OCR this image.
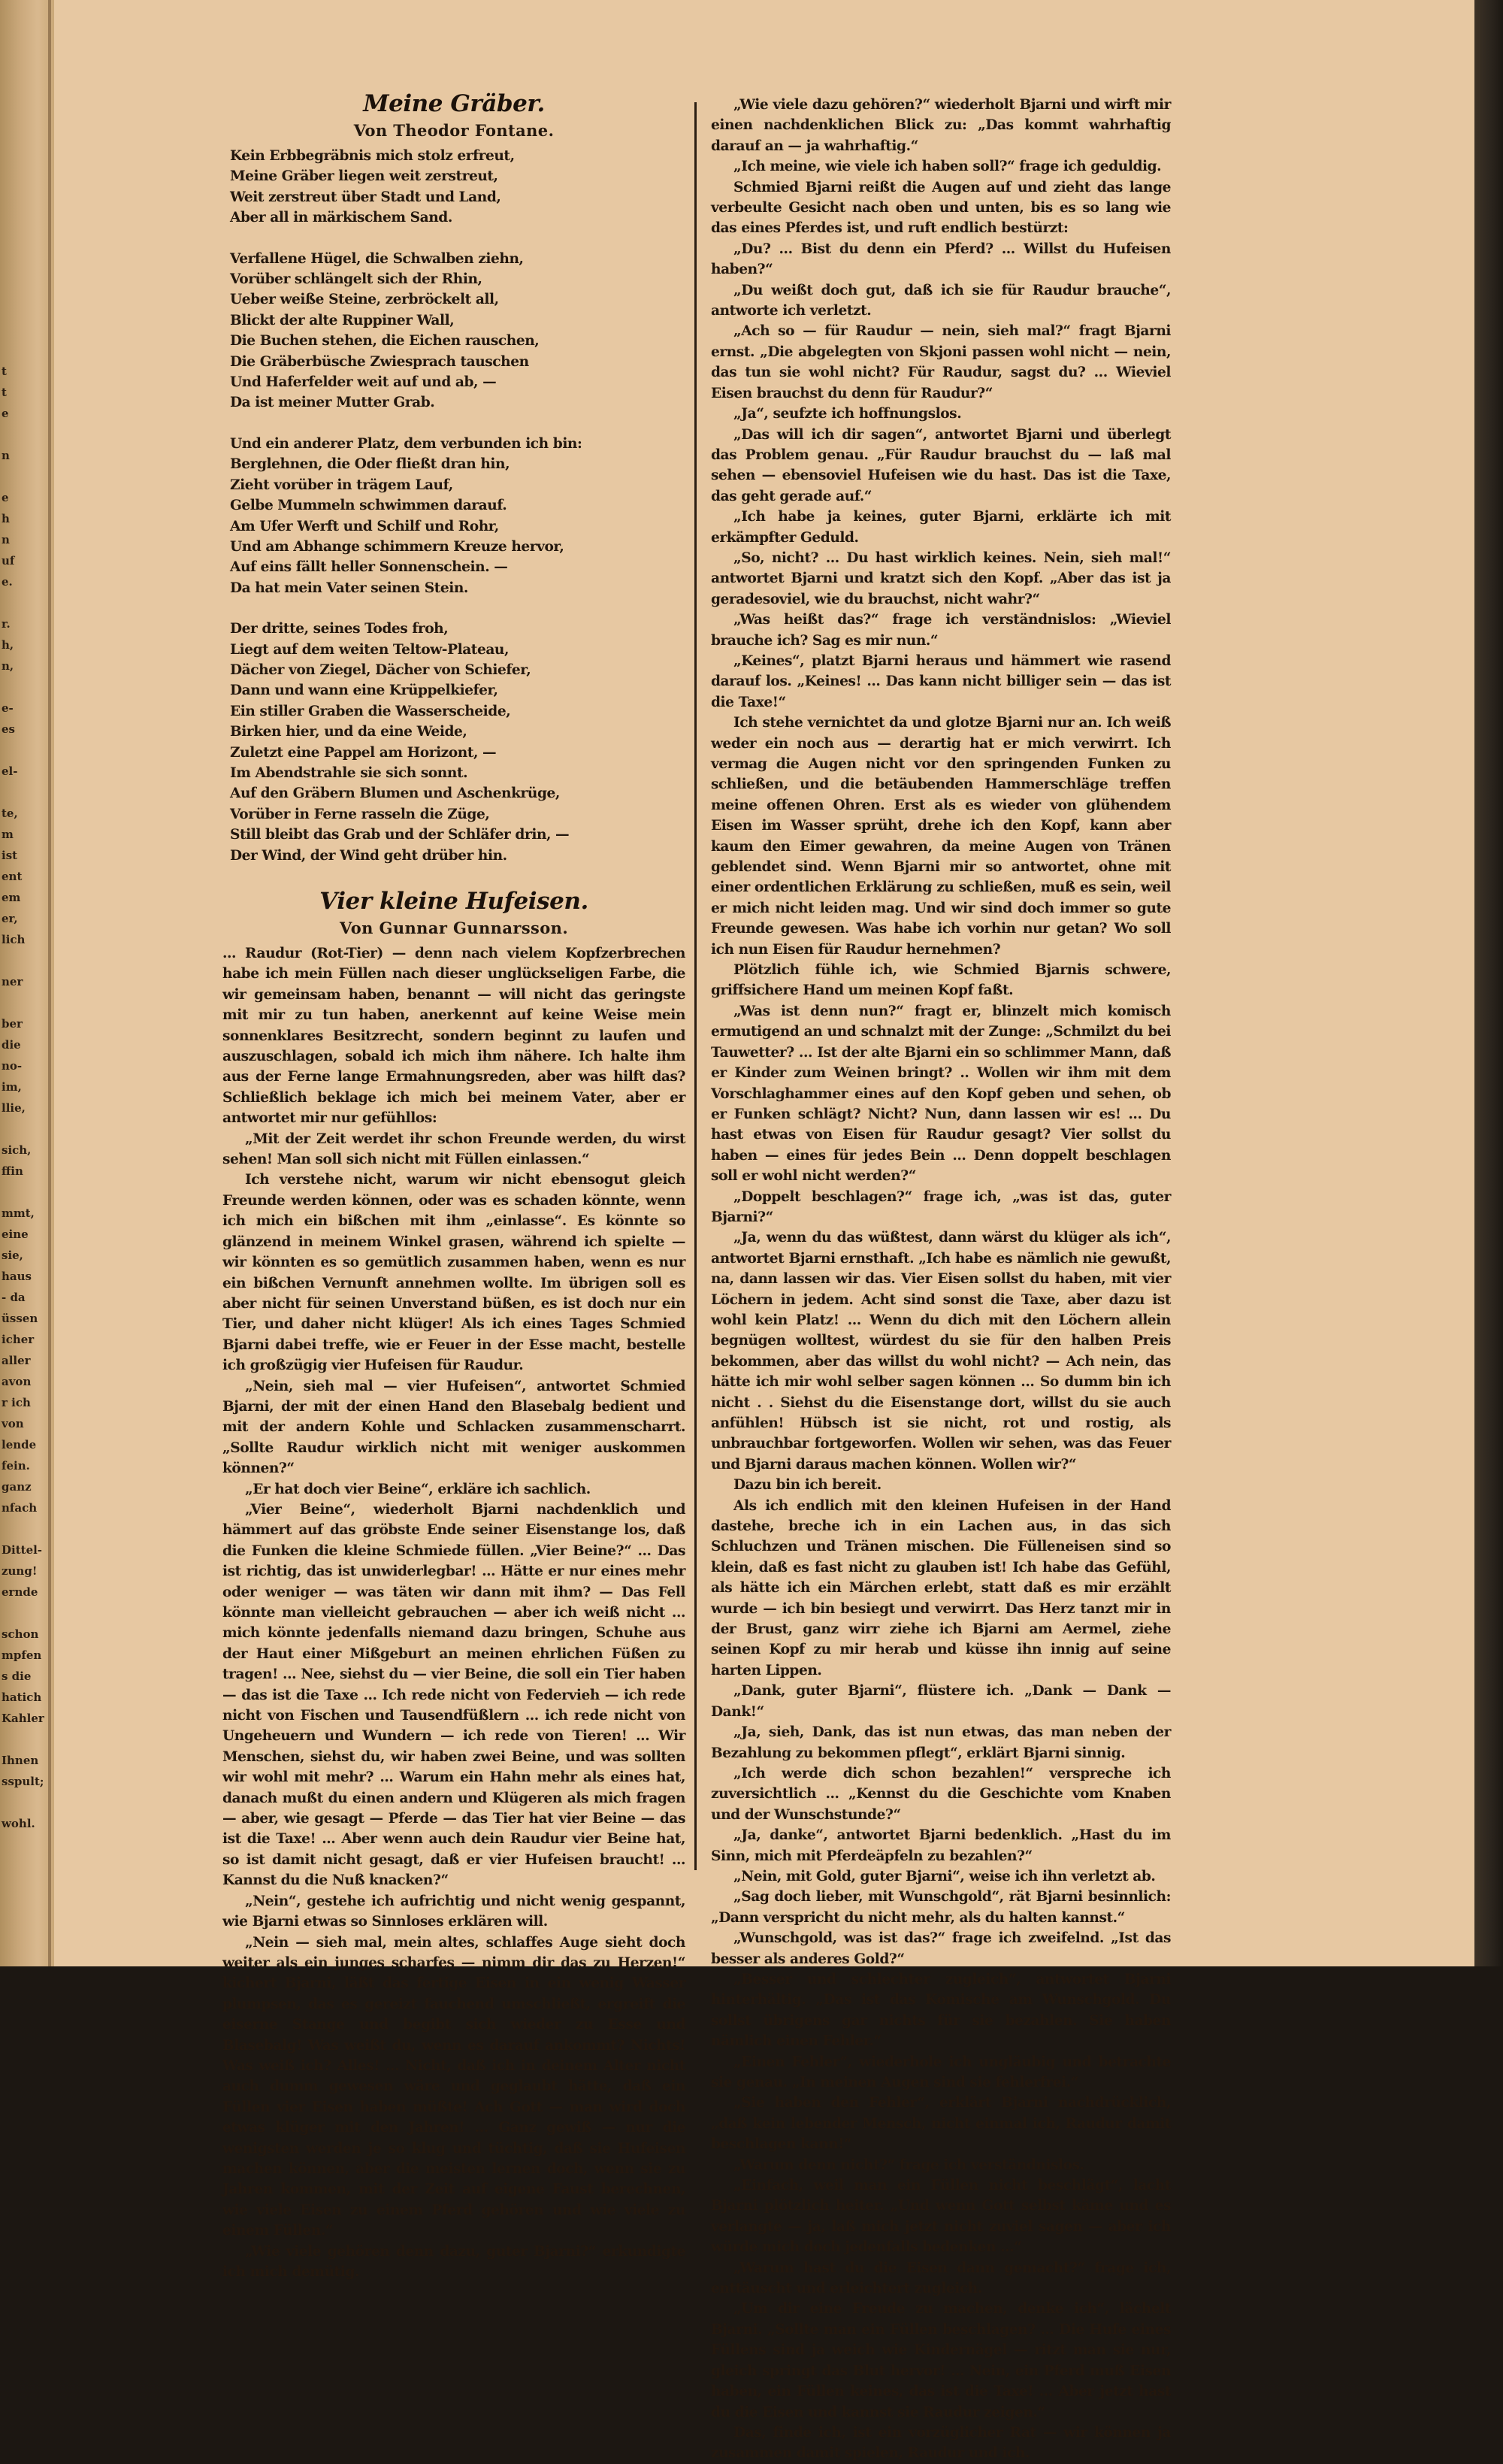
t
t
e
n
e
h
n
uf
e.
r.
h,
n,
e-
es
el-
te,
m
ist
ent
em
er,
lich
ner
ber
die
no-
im,
llie,
sich,
ffin
mmt,
eine
sie,
haus
- da
üssen
icher
aller
avon
r ich
von
lende
fein.
ganz
nfach
Dittel-
zung!
ernde
schon
mpfen
s die
hatich
Kahler
Ihnen
sspult;
wohl.
Meine Gräber.
Von Theodor Fontane.

Kein Erbbegräbnis mich stolz erfreut,

Meine Gräber liegen weit zerstreut,

Weit zerstreut über Stadt und Land,

Aber all in märkischem Sand.

Verfallene Hügel, die Schwalben ziehn,

Vorüber schlängelt sich der Rhin,

Ueber weiße Steine, zerbröckelt all,

Blickt der alte Ruppiner Wall,

Die Buchen stehen, die Eichen rauschen,

Die Gräberbüsche Zwiesprach tauschen

Und Haferfelder weit auf und ab, —

Da ist meiner Mutter Grab.

Und ein anderer Platz, dem verbunden ich bin:

Berglehnen, die Oder fließt dran hin,

Zieht vorüber in trägem Lauf,

Gelbe Mummeln schwimmen darauf.

Am Ufer Werft und Schilf und Rohr,

Und am Abhange schimmern Kreuze hervor,

Auf eins fällt heller Sonnenschein. —

Da hat mein Vater seinen Stein.

Der dritte, seines Todes froh,

Liegt auf dem weiten Teltow-Plateau,

Dächer von Ziegel, Dächer von Schiefer,

Dann und wann eine Krüppelkiefer,

Ein stiller Graben die Wasserscheide,

Birken hier, und da eine Weide,

Zuletzt eine Pappel am Horizont, —

Im Abendstrahle sie sich sonnt.

Auf den Gräbern Blumen und Aschenkrüge,

Vorüber in Ferne rasseln die Züge,

Still bleibt das Grab und der Schläfer drin, —

Der Wind, der Wind geht drüber hin.

Vier kleine Hufeisen.
Von Gunnar Gunnarsson.

... Raudur (Rot-Tier) — denn nach vielem Kopfzerbrechen habe ich mein Füllen nach dieser unglückseligen Farbe, die wir gemeinsam haben, benannt — will nicht das geringste mit mir zu tun haben, anerkennt auf keine Weise mein sonnenklares Besitzrecht, sondern beginnt zu laufen und auszuschlagen, sobald ich mich ihm nähere. Ich halte ihm aus der Ferne lange Ermahnungsreden, aber was hilft das? Schließlich beklage ich mich bei meinem Vater, aber er antwortet mir nur gefühllos:

„Mit der Zeit werdet ihr schon Freunde werden, du wirst sehen! Man soll sich nicht mit Füllen einlassen.“

Ich verstehe nicht, warum wir nicht ebensogut gleich Freunde werden können, oder was es schaden könnte, wenn ich mich ein bißchen mit ihm „einlasse“. Es könnte so glänzend in meinem Winkel grasen, während ich spielte — wir könnten es so gemütlich zusammen haben, wenn es nur ein bißchen Vernunft annehmen wollte. Im übrigen soll es aber nicht für seinen Unverstand büßen, es ist doch nur ein Tier, und daher nicht klüger! Als ich eines Tages Schmied Bjarni dabei treffe, wie er Feuer in der Esse macht, bestelle ich großzügig vier Hufeisen für Raudur.

„Nein, sieh mal — vier Hufeisen“, antwortet Schmied Bjarni, der mit der einen Hand den Blasebalg bedient und mit der andern Kohle und Schlacken zusammenscharrt. „Sollte Raudur wirklich nicht mit weniger auskommen können?“

„Er hat doch vier Beine“, erkläre ich sachlich.

„Vier Beine“, wiederholt Bjarni nachdenklich und hämmert auf das gröbste Ende seiner Eisenstange los, daß die Funken die kleine Schmiede füllen. „Vier Beine?“ ... Das ist richtig, das ist unwiderlegbar! ... Hätte er nur eines mehr oder weniger — was täten wir dann mit ihm? — Das Fell könnte man vielleicht gebrauchen — aber ich weiß nicht ... mich könnte jedenfalls niemand dazu bringen, Schuhe aus der Haut einer Mißgeburt an meinen ehrlichen Füßen zu tragen! ... Nee, siehst du — vier Beine, die soll ein Tier haben — das ist die Taxe ... Ich rede nicht von Federvieh — ich rede nicht von Fischen und Tausendfüßlern ... ich rede nicht von Ungeheuern und Wundern — ich rede von Tieren! ... Wir Menschen, siehst du, wir haben zwei Beine, und was sollten wir wohl mit mehr? ... Warum ein Hahn mehr als eines hat, danach mußt du einen andern und Klügeren als mich fragen — aber, wie gesagt — Pferde — das Tier hat vier Beine — das ist die Taxe! ... Aber wenn auch dein Raudur vier Beine hat, so ist damit nicht gesagt, daß er vier Hufeisen braucht! ... Kannst du die Nuß knacken?“

„Nein“, gestehe ich aufrichtig und nicht wenig gespannt, wie Bjarni etwas so Sinnloses erklären will.

„Nein — sieh mal, mein altes, schlaffes Auge sieht doch weiter als ein junges scharfes — nimm dir das zu Herzen!“ kichert Bjarni, läßt das fertige Eisen in ein wenig Wasser plumpsen, das es gereizt fauchend umschließt, ergreift die eiserne Stange und begibt sich wieder zu Esse und Blasebalg! Was weißt du, wenn es darauf ankommt? Nichts! Was weiß ich? Alles! ... Nicht, daß ich in deinem Alter nicht auch dumm gewesen wäre und geglaubt hätte, daß ein Füllen vier Eisen haben müßte! Ach Gott — man wird doch etwas klüger mit den Jahren! ... Ganz gewiß — nur die wenigsten werden je so klug und tüchtig, daß sie Hufeisen machen können, aber die meisten lernen doch, wenn sie zu Jahren kommen, mit der Zeit auf eigene Faust berechnen, wie viele Eisen zu einem Pferd gehören und wie viele zu einem Füllen.“

„Wie viele gehören denn dazu, guter Bjarni?“ erkundigte ich mich demütig.

„Wie viele dazu gehören?“ wiederholt Bjarni und wirft mir einen nachdenklichen Blick zu: „Das kommt wahrhaftig darauf an — ja wahrhaftig.“

„Ich meine, wie viele ich haben soll?“ frage ich geduldig.

Schmied Bjarni reißt die Augen auf und zieht das lange verbeulte Gesicht nach oben und unten, bis es so lang wie das eines Pferdes ist, und ruft endlich bestürzt:

„Du? ... Bist du denn ein Pferd? ... Willst du Hufeisen haben?“

„Du weißt doch gut, daß ich sie für Raudur brauche“, antworte ich verletzt.

„Ach so — für Raudur — nein, sieh mal?“ fragt Bjarni ernst. „Die abgelegten von Skjoni passen wohl nicht — nein, das tun sie wohl nicht? Für Raudur, sagst du? ... Wieviel Eisen brauchst du denn für Raudur?“

„Ja“, seufzte ich hoffnungslos.

„Das will ich dir sagen“, antwortet Bjarni und überlegt das Problem genau. „Für Raudur brauchst du — laß mal sehen — ebensoviel Hufeisen wie du hast. Das ist die Taxe, das geht gerade auf.“

„Ich habe ja keines, guter Bjarni, erklärte ich mit erkämpfter Geduld.

„So, nicht? ... Du hast wirklich keines. Nein, sieh mal!“ antwortet Bjarni und kratzt sich den Kopf. „Aber das ist ja geradesoviel, wie du brauchst, nicht wahr?“

„Was heißt das?“ frage ich verständnislos: „Wieviel brauche ich? Sag es mir nun.“

„Keines“, platzt Bjarni heraus und hämmert wie rasend darauf los. „Keines! ... Das kann nicht billiger sein — das ist die Taxe!“

Ich stehe vernichtet da und glotze Bjarni nur an. Ich weiß weder ein noch aus — derartig hat er mich verwirrt. Ich vermag die Augen nicht vor den springenden Funken zu schließen, und die betäubenden Hammerschläge treffen meine offenen Ohren. Erst als es wieder von glühendem Eisen im Wasser sprüht, drehe ich den Kopf, kann aber kaum den Eimer gewahren, da meine Augen von Tränen geblendet sind. Wenn Bjarni mir so antwortet, ohne mit einer ordentlichen Erklärung zu schließen, muß es sein, weil er mich nicht leiden mag. Und wir sind doch immer so gute Freunde gewesen. Was habe ich vorhin nur getan? Wo soll ich nun Eisen für Raudur hernehmen?

Plötzlich fühle ich, wie Schmied Bjarnis schwere, griffsichere Hand um meinen Kopf faßt.

„Was ist denn nun?“ fragt er, blinzelt mich komisch ermutigend an und schnalzt mit der Zunge: „Schmilzt du bei Tauwetter? ... Ist der alte Bjarni ein so schlimmer Mann, daß er Kinder zum Weinen bringt? .. Wollen wir ihm mit dem Vorschlaghammer eines auf den Kopf geben und sehen, ob er Funken schlägt? Nicht? Nun, dann lassen wir es! ... Du hast etwas von Eisen für Raudur gesagt? Vier sollst du haben — eines für jedes Bein ... Denn doppelt beschlagen soll er wohl nicht werden?“

„Doppelt beschlagen?“ frage ich, „was ist das, guter Bjarni?“

„Ja, wenn du das wüßtest, dann wärst du klüger als ich“, antwortet Bjarni ernsthaft. „Ich habe es nämlich nie gewußt, na, dann lassen wir das. Vier Eisen sollst du haben, mit vier Löchern in jedem. Acht sind sonst die Taxe, aber dazu ist wohl kein Platz! ... Wenn du dich mit den Löchern allein begnügen wolltest, würdest du sie für den halben Preis bekommen, aber das willst du wohl nicht? — Ach nein, das hätte ich mir wohl selber sagen können ... So dumm bin ich nicht . . Siehst du die Eisenstange dort, willst du sie auch anfühlen! Hübsch ist sie nicht, rot und rostig, als unbrauchbar fortgeworfen. Wollen wir sehen, was das Feuer und Bjarni daraus machen können. Wollen wir?“

Dazu bin ich bereit.

Als ich endlich mit den kleinen Hufeisen in der Hand dastehe, breche ich in ein Lachen aus, in das sich Schluchzen und Tränen mischen. Die Fülleneisen sind so klein, daß es fast nicht zu glauben ist! Ich habe das Gefühl, als hätte ich ein Märchen erlebt, statt daß es mir erzählt wurde — ich bin besiegt und verwirrt. Das Herz tanzt mir in der Brust, ganz wirr ziehe ich Bjarni am Aermel, ziehe seinen Kopf zu mir herab und küsse ihn innig auf seine harten Lippen.

„Dank, guter Bjarni“, flüstere ich. „Dank — Dank — Dank!“

„Ja, sieh, Dank, das ist nun etwas, das man neben der Bezahlung zu bekommen pflegt“, erklärt Bjarni sinnig.

„Ich werde dich schon bezahlen!“ verspreche ich zuversichtlich ... „Kennst du die Geschichte vom Knaben und der Wunschstunde?“

„Ja, danke“, antwortet Bjarni bedenklich. „Hast du im Sinn, mich mit Pferdeäpfeln zu bezahlen?“

„Nein, mit Gold, guter Bjarni“, weise ich ihn verletzt ab.

„Sag doch lieber, mit Wunschgold“, rät Bjarni besinnlich: „Dann verspricht du nicht mehr, als du halten kannst.“

„Wunschgold, was ist das?“ frage ich zweifelnd. „Ist das besser als anderes Gold?“

„Besser und schlechter zugleich“, antwortet Bjarni hinterhältig. „Das ist das Komische am Wunschgold. Du sollst übrigens gar nichts für sie bezahlen. Sie haben nämlich einen Fehler.“

„Einen Fehler“, wiederhole ich ungläubig und betrachte sie genau. „In meinen Augen sind sie fehlerfrei.“

„Sie haben den Fehler“, erklärt Bjarni nachdrücklich, „daß kein lebender Mensch, nicht einmal ich, Raudur damit beschlagen kann!“

„Warum denn nicht?“ frage ich verständnislos.

„Einfach, weil man ein Füllen nicht beschlägt“, lacht Bjarni plötzlich heiter. „Und wenn Gott selbst käme und es verlangte — ja, laß mich jetzt nicht zuviel sagen — aber ich würde mich doch jedenfalls bedenken ...“

„Warum hast du die Eisen dann gemacht?“ frage ich, enttäuscht und erleichtert zugleich.

„Um dir eine Freude zu machen, denke ich“, lächelt Bjarni. „Sollte man ein Füllen beschlagen? ... Die Hufe eines Füllens sind ja weich wie Kindernägel — ritzt man sie nur, gleich springt das Blut hervor! ... Nein, ein Pferd muß Eisen haben, ein Füllen keines, das ist die Taxe! ... Aber jetzt hast du die Eisen und kannst sie Raudur zeigen.“

Das, finde ich, ist ein vorzüglicher Rat — wir können ja zusammen damit spielen, Raudur und ich.
